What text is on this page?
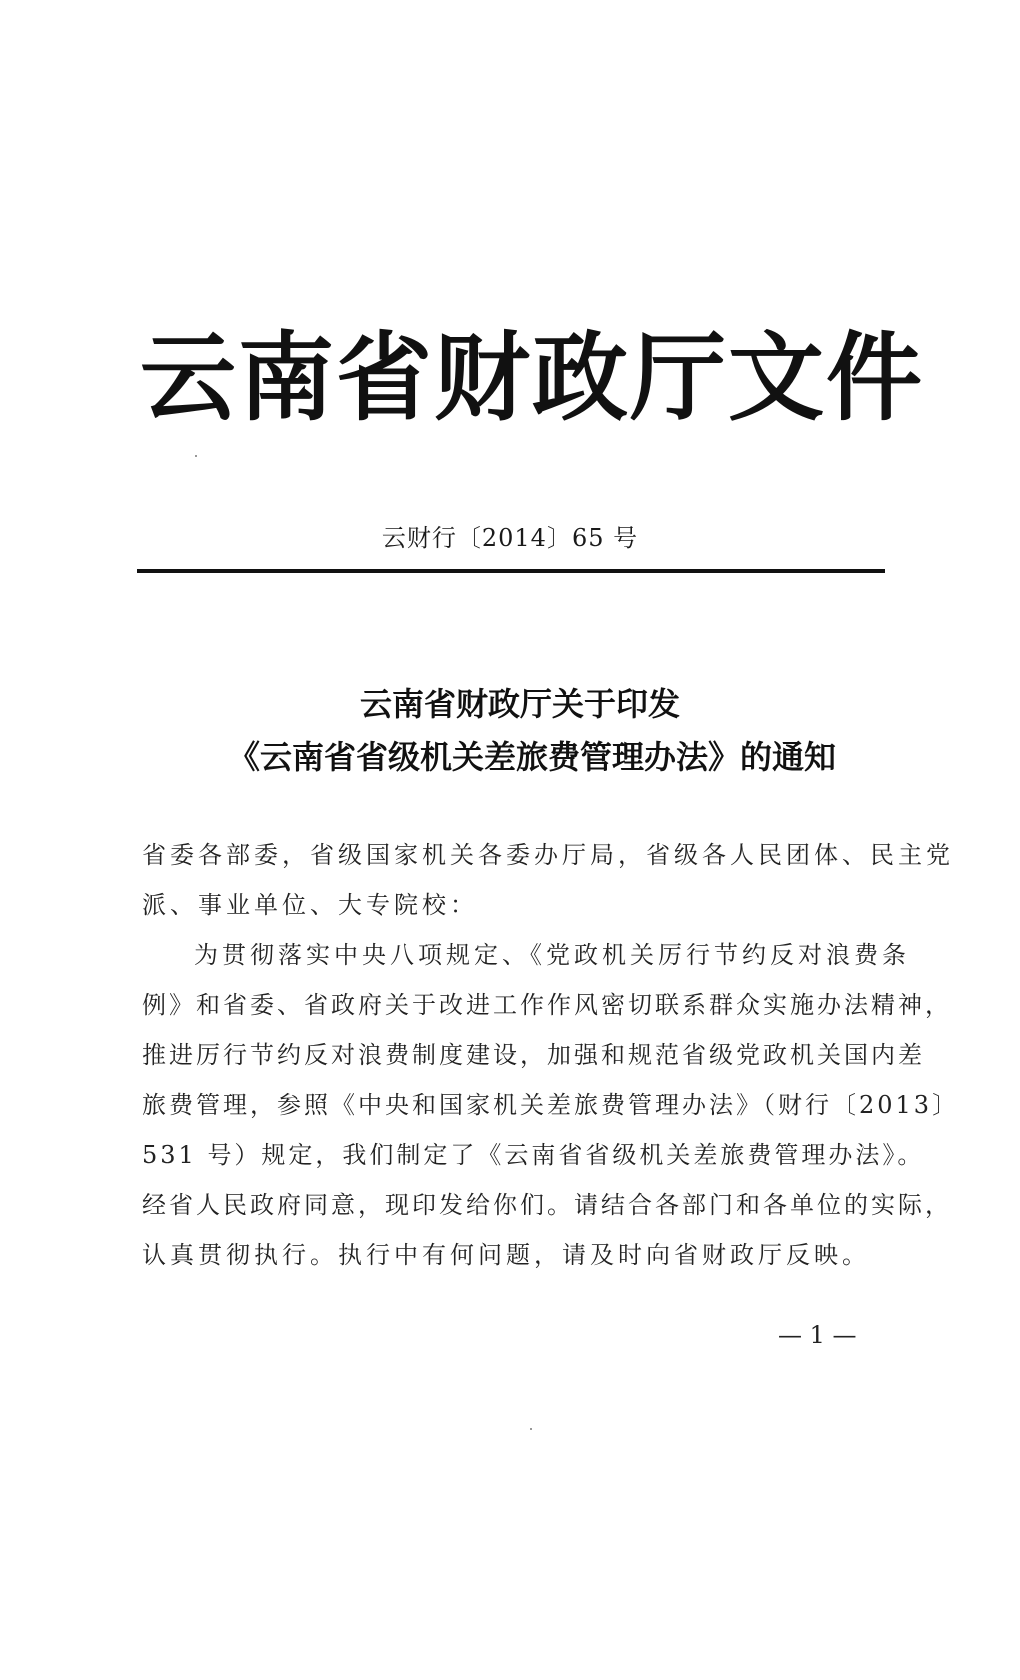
云 南 省 财 政 厅 文 件
云财行〔2014〕65 号
云南省财政厅关于印发
《云南省省级机关差旅费管理办法》的通知
省委各部委，省级国家机关各委办厅局，省级各人民团体、民主党
派、事业单位、大专院校：
为贯彻落实中央八项规定、《党政机关厉行节约反对浪费条
例》和省委、省政府关于改进工作作风密切联系群众实施办法精神，
推进厉行节约反对浪费制度建设，加强和规范省级党政机关国内差
旅费管理，参照《中央和国家机关差旅费管理办法》（财行〔2013〕
531 号）规定，我们制定了《云南省省级机关差旅费管理办法》。
经省人民政府同意，现印发给你们。请结合各部门和各单位的实际，
认真贯彻执行。执行中有何问题，请及时向省财政厅反映。
— 1 —
